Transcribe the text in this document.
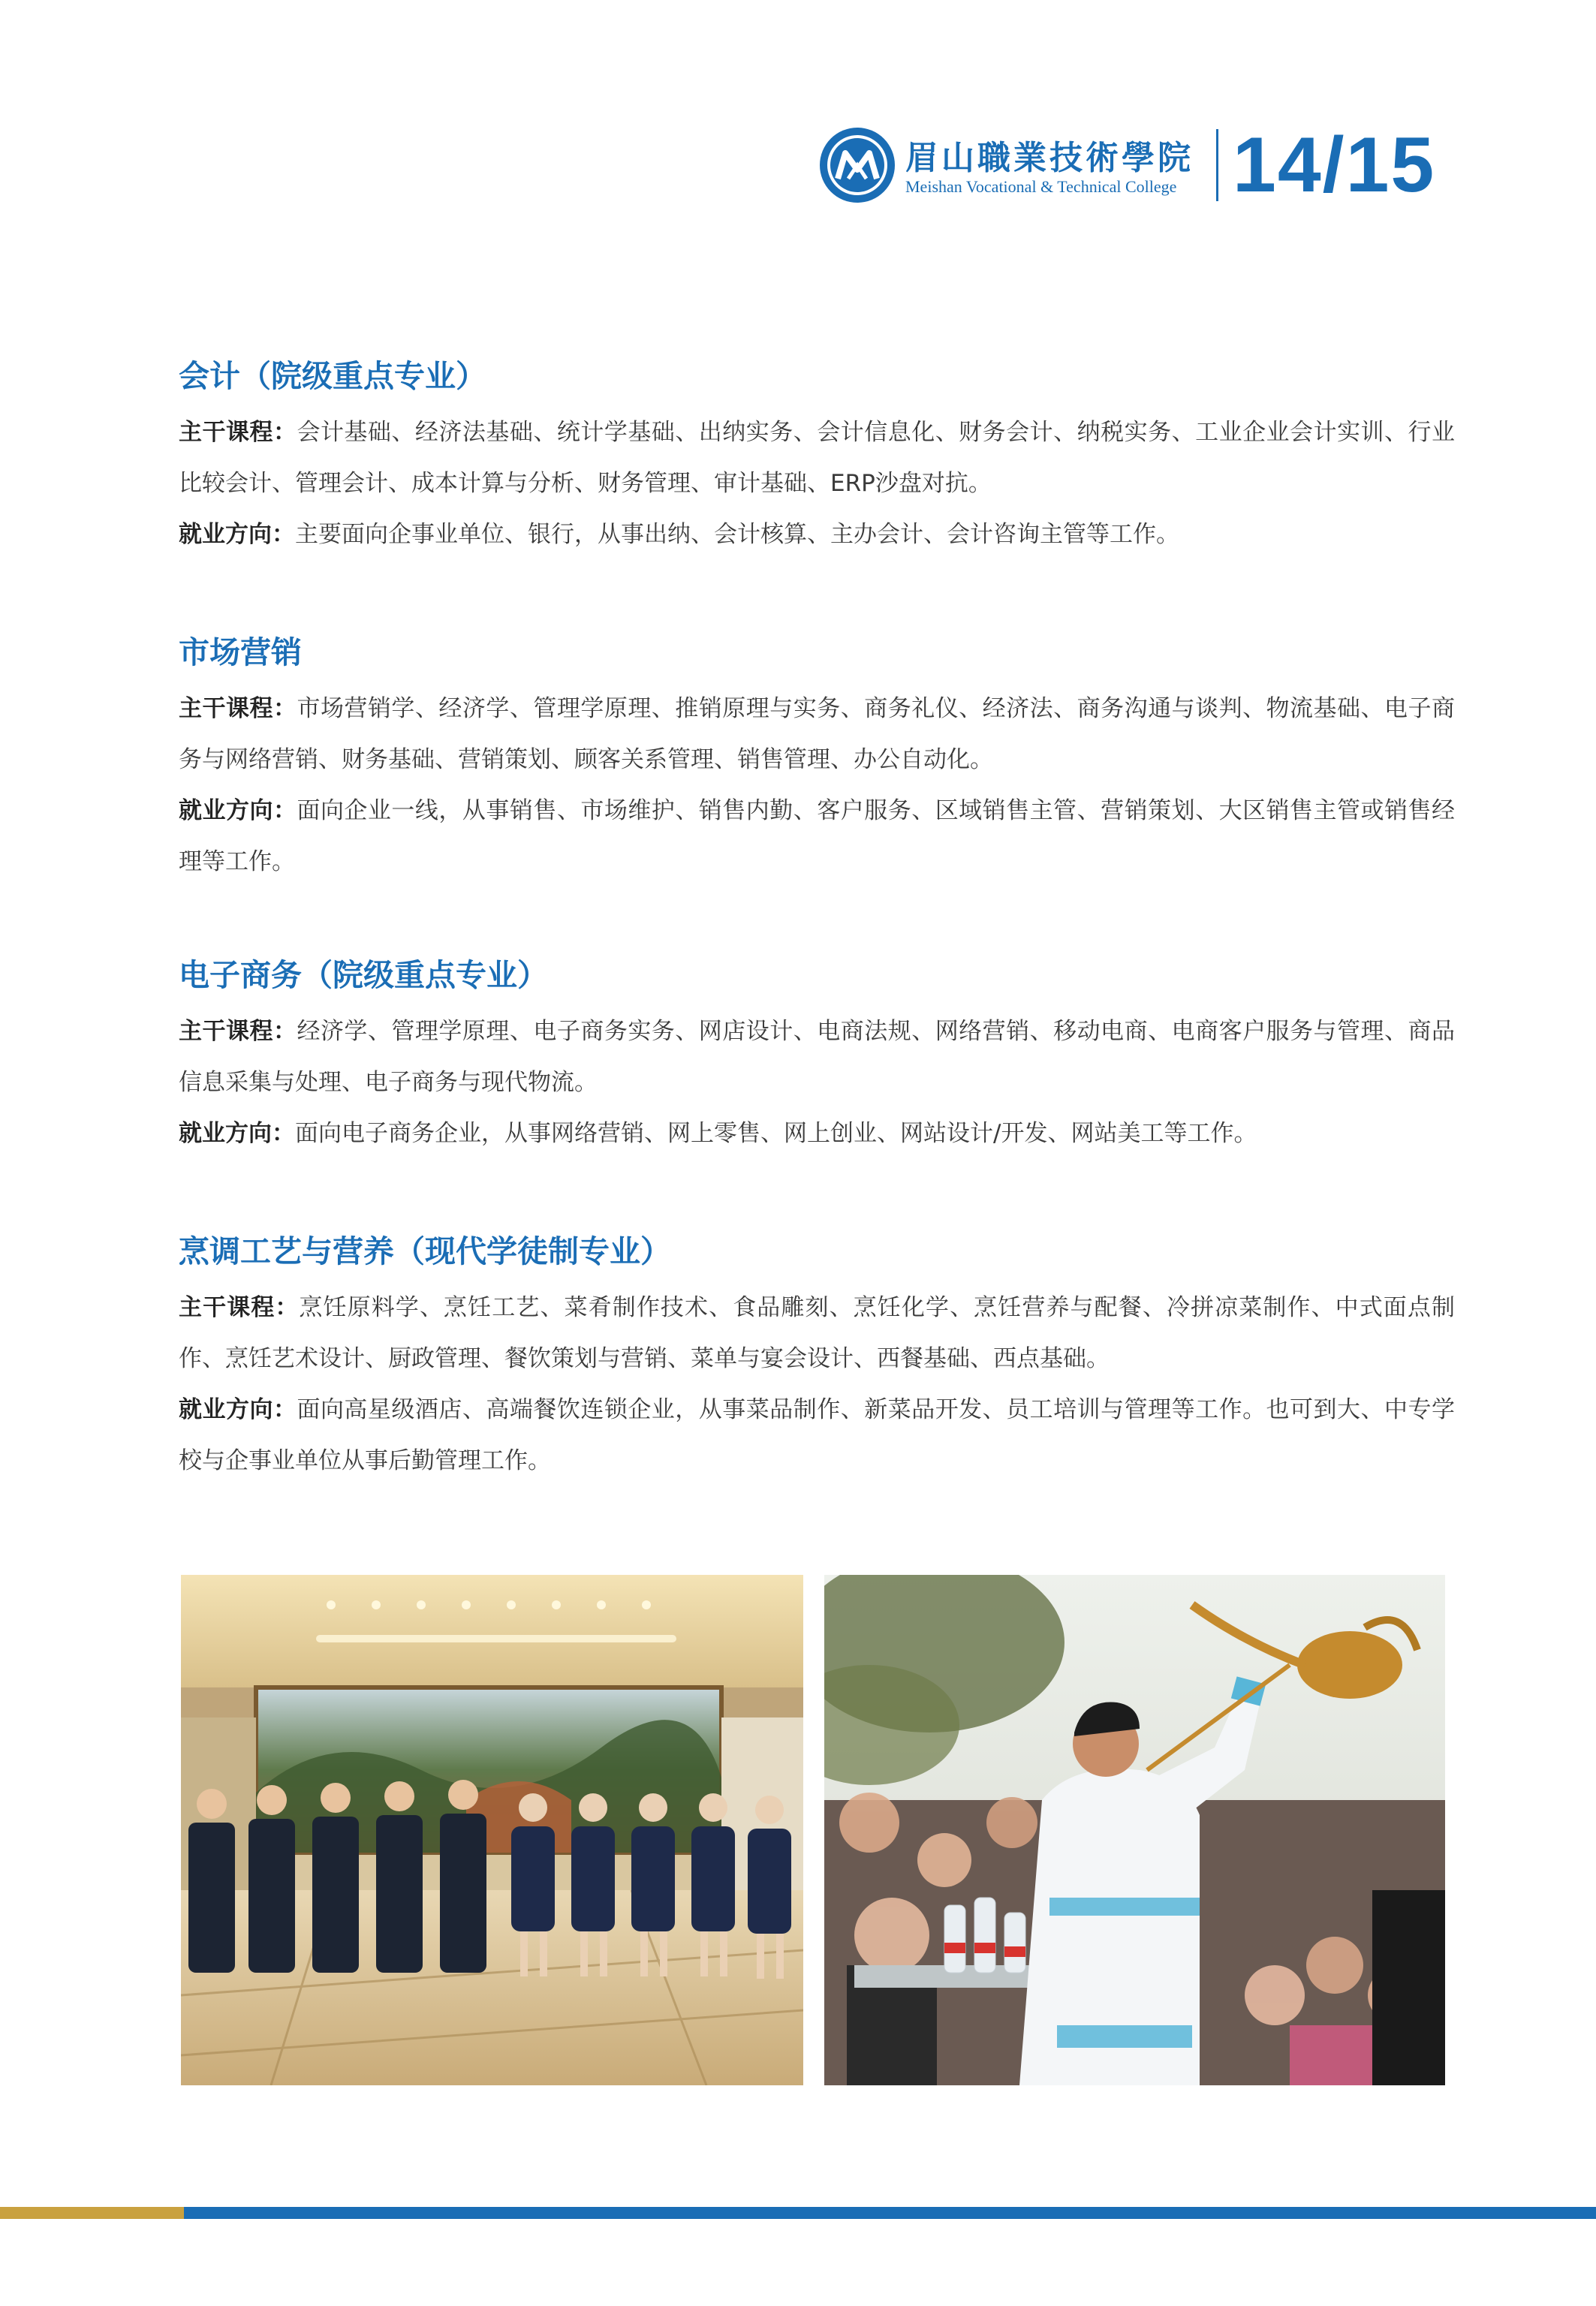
眉山職業技術學院
Meishan Vocational & Technical College 14/15
会计（院级重点专业）

主干课程：会计基础、经济法基础、统计学基础、出纳实务、会计信息化、财务会计、纳税实务、工业企业会计实训、行业比较会计、管理会计、成本计算与分析、财务管理、审计基础、ERP沙盘对抗。

就业方向：主要面向企事业单位、银行，从事出纳、会计核算、主办会计、会计咨询主管等工作。

市场营销

主干课程：市场营销学、经济学、管理学原理、推销原理与实务、商务礼仪、经济法、商务沟通与谈判、物流基础、电子商务与网络营销、财务基础、营销策划、顾客关系管理、销售管理、办公自动化。

就业方向：面向企业一线，从事销售、市场维护、销售内勤、客户服务、区域销售主管、营销策划、大区销售主管或销售经理等工作。

电子商务（院级重点专业）

主干课程：经济学、管理学原理、电子商务实务、网店设计、电商法规、网络营销、移动电商、电商客户服务与管理、商品信息采集与处理、电子商务与现代物流。

就业方向：面向电子商务企业，从事网络营销、网上零售、网上创业、网站设计/开发、网站美工等工作。

烹调工艺与营养（现代学徒制专业）

主干课程：烹饪原料学、烹饪工艺、菜肴制作技术、食品雕刻、烹饪化学、烹饪营养与配餐、冷拼凉菜制作、中式面点制作、烹饪艺术设计、厨政管理、餐饮策划与营销、菜单与宴会设计、西餐基础、西点基础。

就业方向：面向高星级酒店、高端餐饮连锁企业，从事菜品制作、新菜品开发、员工培训与管理等工作。也可到大、中专学校与企事业单位从事后勤管理工作。
